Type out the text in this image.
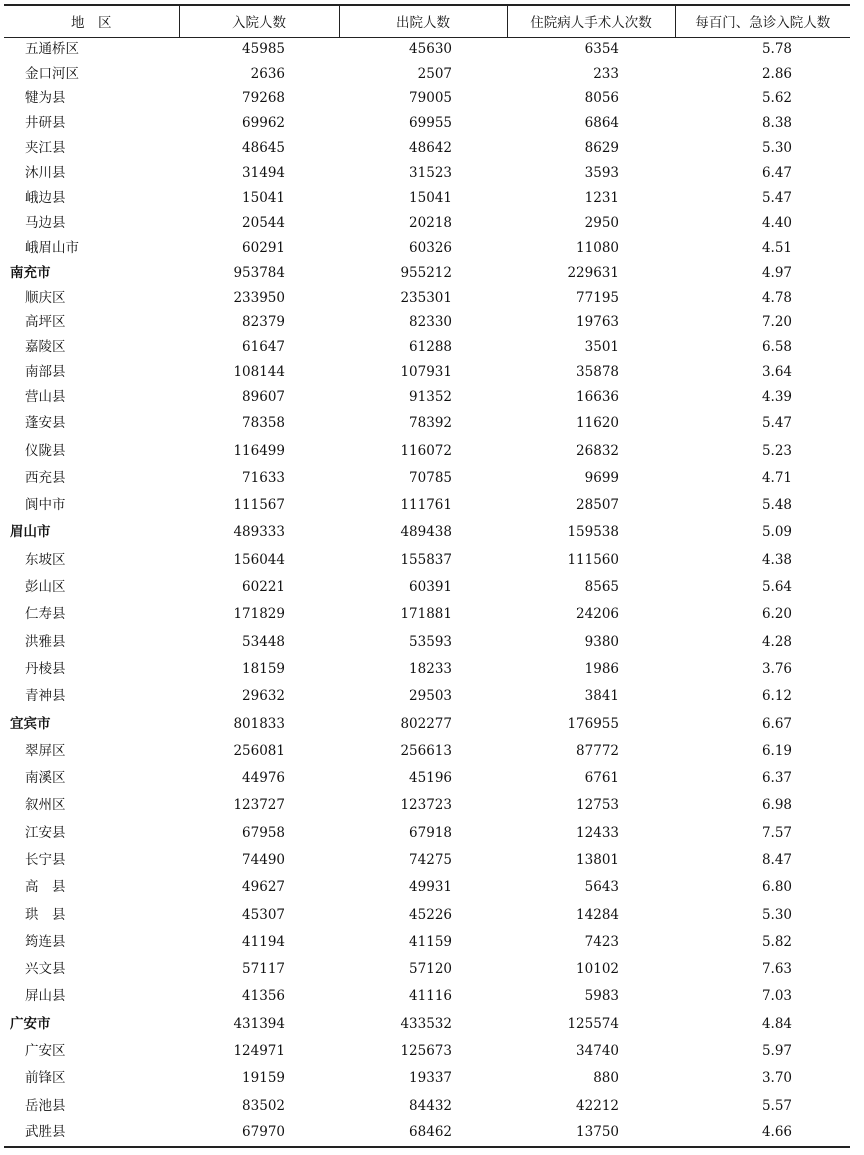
地　区	入院人数	出院人数	住院病人手术人次数	每百门、急诊入院人数
五通桥区	45985	45630	6354	5.78
金口河区	2636	2507	233	2.86
犍为县	79268	79005	8056	5.62
井研县	69962	69955	6864	8.38
夹江县	48645	48642	8629	5.30
沐川县	31494	31523	3593	6.47
峨边县	15041	15041	1231	5.47
马边县	20544	20218	2950	4.40
峨眉山市	60291	60326	11080	4.51
南充市	953784	955212	229631	4.97
顺庆区	233950	235301	77195	4.78
高坪区	82379	82330	19763	7.20
嘉陵区	61647	61288	3501	6.58
南部县	108144	107931	35878	3.64
营山县	89607	91352	16636	4.39
蓬安县	78358	78392	11620	5.47
仪陇县	116499	116072	26832	5.23
西充县	71633	70785	9699	4.71
阆中市	111567	111761	28507	5.48
眉山市	489333	489438	159538	5.09
东坡区	156044	155837	111560	4.38
彭山区	60221	60391	8565	5.64
仁寿县	171829	171881	24206	6.20
洪雅县	53448	53593	9380	4.28
丹棱县	18159	18233	1986	3.76
青神县	29632	29503	3841	6.12
宜宾市	801833	802277	176955	6.67
翠屏区	256081	256613	87772	6.19
南溪区	44976	45196	6761	6.37
叙州区	123727	123723	12753	6.98
江安县	67958	67918	12433	7.57
长宁县	74490	74275	13801	8.47
高　县	49627	49931	5643	6.80
珙　县	45307	45226	14284	5.30
筠连县	41194	41159	7423	5.82
兴文县	57117	57120	10102	7.63
屏山县	41356	41116	5983	7.03
广安市	431394	433532	125574	4.84
广安区	124971	125673	34740	5.97
前锋区	19159	19337	880	3.70
岳池县	83502	84432	42212	5.57
武胜县	67970	68462	13750	4.66
